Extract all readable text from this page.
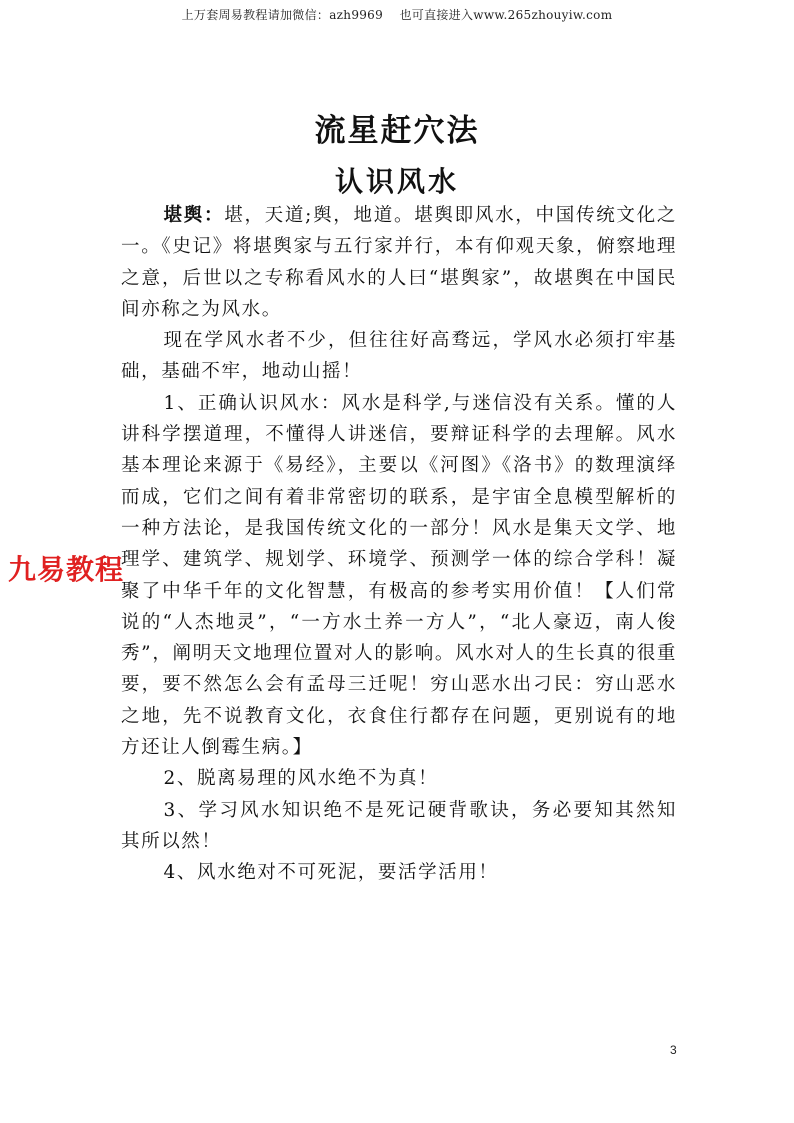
上万套周易教程请加微信：azh9969　 也可直接进入www.265zhouyiw.com
流星赶穴法
认识风水

堪舆：堪，天道;舆，地道。堪舆即风水，中国传统文化之一。《史记》将堪舆家与五行家并行，本有仰观天象，俯察地理之意，后世以之专称看风水的人曰“堪舆家”，故堪舆在中国民间亦称之为风水。

现在学风水者不少，但往往好高骛远，学风水必须打牢基础，基础不牢，地动山摇！

1、正确认识风水：风水是科学,与迷信没有关系。懂的人讲科学摆道理，不懂得人讲迷信，要辩证科学的去理解。风水基本理论来源于《易经》，主要以《河图》《洛书》的数理演绎而成，它们之间有着非常密切的联系，是宇宙全息模型解析的一种方法论，是我国传统文化的一部分！风水是集天文学、地理学、建筑学、规划学、环境学、预测学一体的综合学科！凝聚了中华千年的文化智慧，有极高的参考实用价值！【人们常说的“人杰地灵”，“一方水土养一方人”，“北人豪迈，南人俊秀”，阐明天文地理位置对人的影响。风水对人的生长真的很重要，要不然怎么会有孟母三迁呢！穷山恶水出刁民：穷山恶水之地，先不说教育文化，衣食住行都存在问题，更别说有的地方还让人倒霉生病。】

2、脱离易理的风水绝不为真！

3、学习风水知识绝不是死记硬背歌诀，务必要知其然知其所以然！

4、风水绝对不可死泥，要活学活用！

九易教程
3
